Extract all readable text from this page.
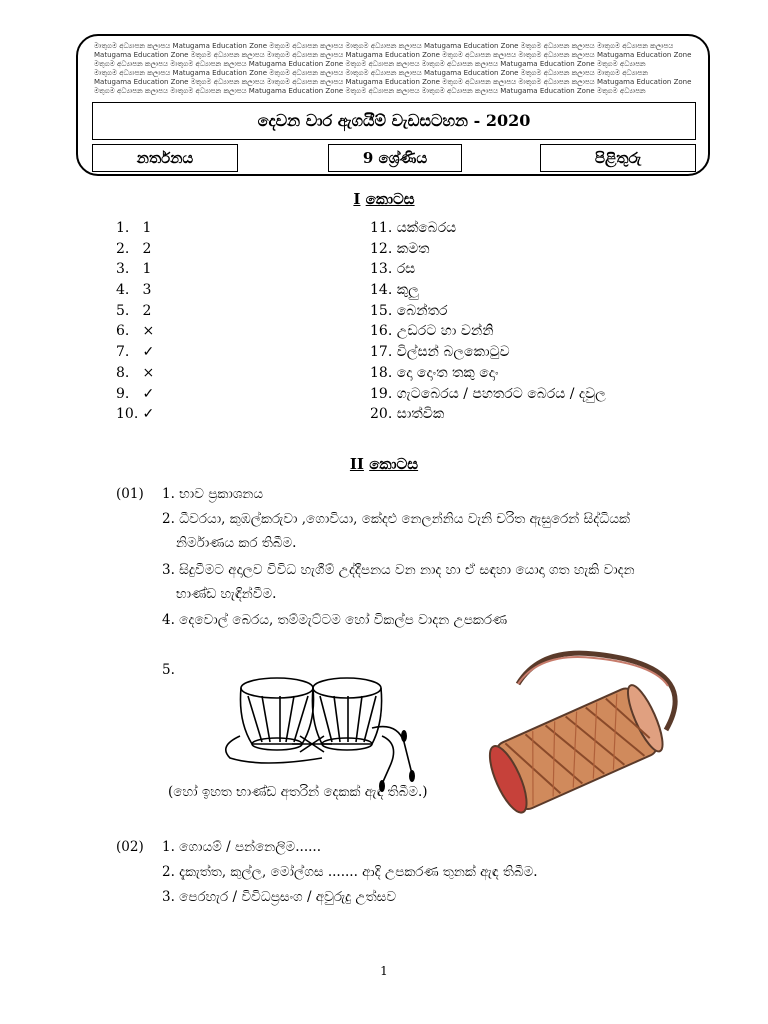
මාතුගම අධ්‍යාපන කලාපය Matugama Education Zone මතුගම අධ්‍යාපන කලාපය මාතුගම අධ්‍යාපන කලාපය Matugama Education Zone මතුගම අධ්‍යාපන කලාපය මාතුගම අධ්‍යාපන කලාපය
Matugama Education Zone මතුගම අධ්‍යාපන කලාපය මාතුගම අධ්‍යාපන කලාපය Matugama Education Zone මතුගම අධ්‍යාපන කලාපය මාතුගම අධ්‍යාපන කලාපය Matugama Education Zone
මතුගම අධ්‍යාපන කලාපය මාතුගම අධ්‍යාපන කලාපය Matugama Education Zone මතුගම අධ්‍යාපන කලාපය මාතුගම අධ්‍යාපන කලාපය Matugama Education Zone මතුගම අධ්‍යාපන
මාතුගම අධ්‍යාපන කලාපය Matugama Education Zone මතුගම අධ්‍යාපන කලාපය මාතුගම අධ්‍යාපන කලාපය Matugama Education Zone මතුගම අධ්‍යාපන කලාපය මාතුගම අධ්‍යාපන
Matugama Education Zone මතුගම අධ්‍යාපන කලාපය මාතුගම අධ්‍යාපන කලාපය Matugama Education Zone මතුගම අධ්‍යාපන කලාපය මාතුගම අධ්‍යාපන කලාපය Matugama Education Zone
මතුගම අධ්‍යාපන කලාපය මාතුගම අධ්‍යාපන කලාපය Matugama Education Zone මතුගම අධ්‍යාපන කලාපය මාතුගම අධ්‍යාපන කලාපය Matugama Education Zone මතුගම අධ්‍යාපන
දෙවන වාර ඇගයීම් වැඩසටහන - 2020
නර්තනය	9 ශ්‍රේණිය	පිළිතුරු
I කොටස
1. 1
2. 2
3. 1
4. 3
5. 2
6. ×
7. ✓
8. ×
9. ✓
10. ✓
11. යක්බෙරය
12. කමත
13. රස
14. කුලු
15. බෙන්තර
16. උඩරට හා වන්නි
17. විල්සන් බලකොටුව
18. දො දොංත තකු දොං
19. ගැටබෙරය / පහතරට බෙරය / දවුල
20. සාත්වික
II කොටස
(01) 1. භාව ප්‍රකාශනය
2. ධීවරයා, කුඹල්කරුවා ,ගොවියා, කේදළු නෙලන්නිය වැනි චරිත ඇසුරෙන් සිද්ධියක්
නිර්මාණය කර තිබීම.
3. සිදුවීමට අදාලව විවිධ හැගීම් උද්දීපනය වන නාද හා ඒ සඳහා යොදා ගත හැකි වාදන
භාණ්ඩ හැඳින්වීම.
4. දෙවොල් බෙරය, තම්මැට්ටම හෝ විකල්ප වාදන උපකරණ
5.
(හෝ ඉහත භාණ්ඩ අතරින් දෙකක් ඇඳ තිබීම.)
(02) 1. ගොයම් / පන්නෙලිම......
2. දැකැත්ත, කුල්ල, මෝල්ගස ....... ආදි උපකරණ තුනක් ඇඳ තිබීම.
3. පෙරහැර / විවිධප්‍රසංග / අවුරුදු උත්සව
1
